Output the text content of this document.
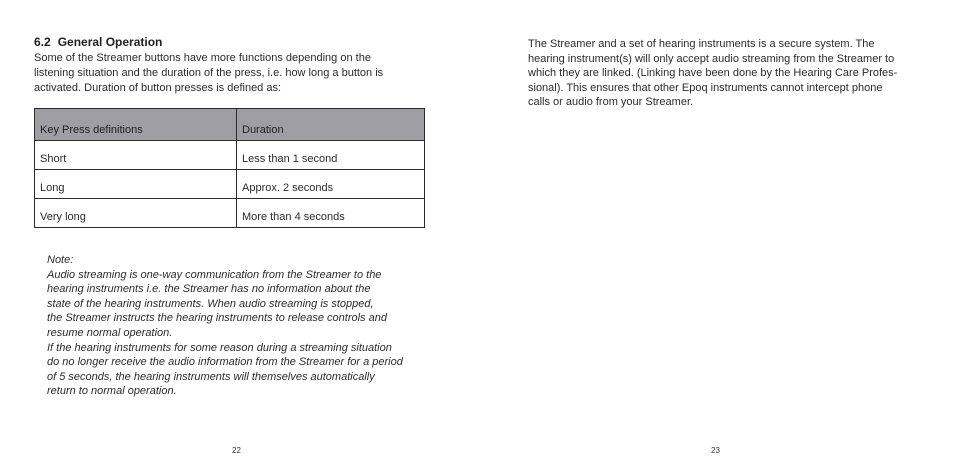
6.2 General Operation
Some of the Streamer buttons have more functions depending on the
listening situation and the duration of the press, i.e. how long a button is
activated. Duration of button presses is defined as:
Key Press definitions	Duration
Short	Less than 1 second
Long	Approx. 2 seconds
Very long	More than 4 seconds
Note:
Audio streaming is one-way communication from the Streamer to the
hearing instruments i.e. the Streamer has no information about the
state of the hearing instruments. When audio streaming is stopped,
the Streamer instructs the hearing instruments to release controls and
resume normal operation.
If the hearing instruments for some reason during a streaming situation
do no longer receive the audio information from the Streamer for a period
of 5 seconds, the hearing instruments will themselves automatically
return to normal operation.
22
The Streamer and a set of hearing instruments is a secure system. The
hearing instrument(s) will only accept audio streaming from the Streamer to
which they are linked. (Linking have been done by the Hearing Care Profes-
sional). This ensures that other Epoq instruments cannot intercept phone
calls or audio from your Streamer.
23
